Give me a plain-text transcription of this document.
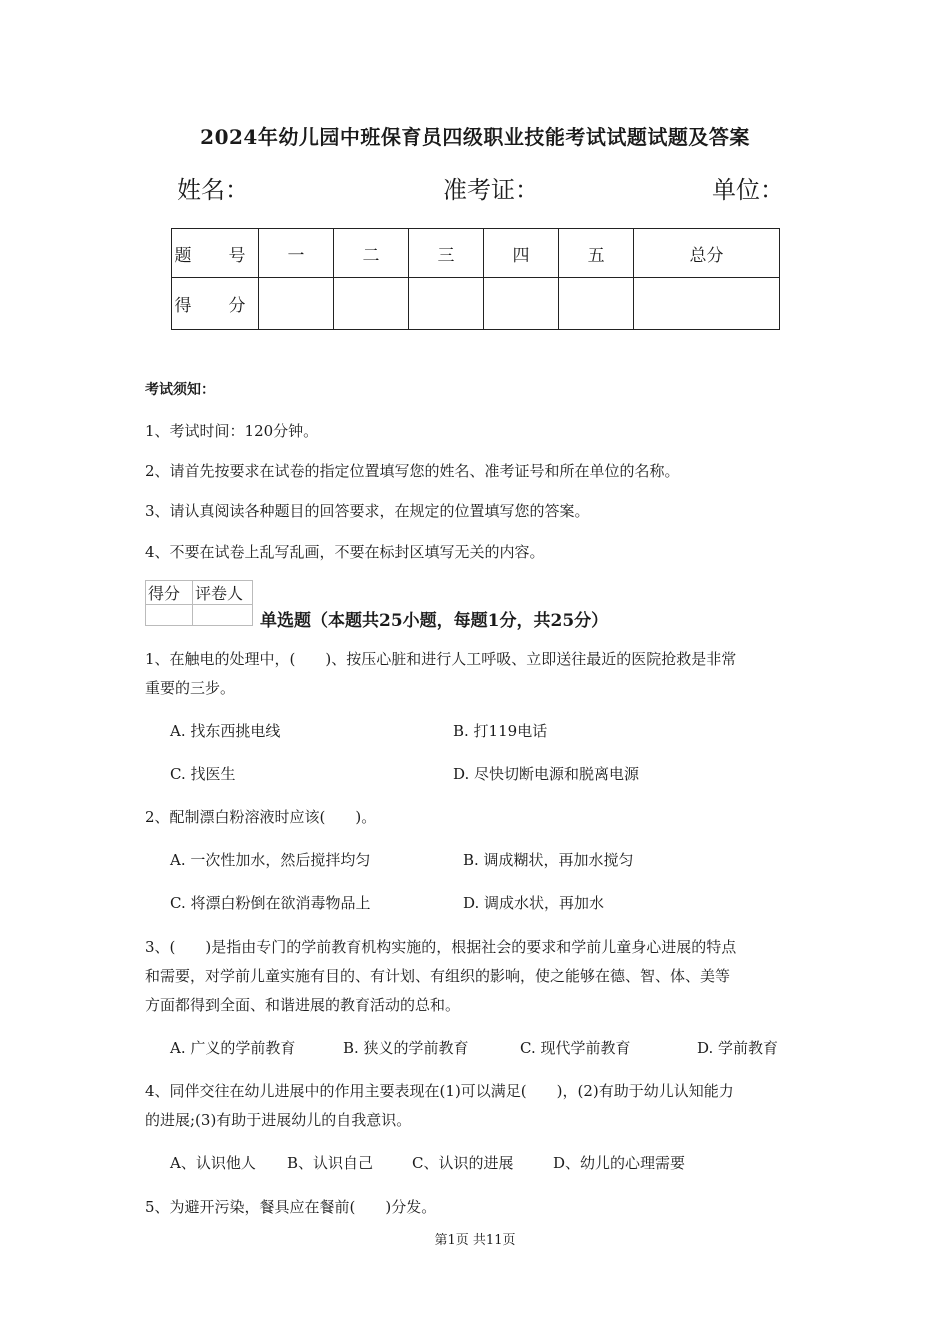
2024年幼儿园中班保育员四级职业技能考试试题试题及答案
姓名：	准考证：	单位：
题　号	一	二	三	四	五	总分
得　分						
考试须知：
1、考试时间：120分钟。
2、请首先按要求在试卷的指定位置填写您的姓名、准考证号和所在单位的名称。
3、请认真阅读各种题目的回答要求，在规定的位置填写您的答案。
4、不要在试卷上乱写乱画，不要在标封区填写无关的内容。
得分	评卷人

单选题（本题共25小题，每题1分，共25分）
1、在触电的处理中，(　　)、按压心脏和进行人工呼吸、立即送往最近的医院抢救是非常
重要的三步。
A. 找东西挑电线	B. 打119电话
C. 找医生	D. 尽快切断电源和脱离电源
2、配制漂白粉溶液时应该(　　)。
A. 一次性加水，然后搅拌均匀	B. 调成糊状，再加水搅匀
C. 将漂白粉倒在欲消毒物品上	D. 调成水状，再加水
3、(　　)是指由专门的学前教育机构实施的，根据社会的要求和学前儿童身心进展的特点
和需要，对学前儿童实施有目的、有计划、有组织的影响，使之能够在德、智、体、美等
方面都得到全面、和谐进展的教育活动的总和。
A. 广义的学前教育	B. 狭义的学前教育	C. 现代学前教育	D. 学前教育
4、同伴交往在幼儿进展中的作用主要表现在(1)可以满足(　　)，(2)有助于幼儿认知能力
的进展;(3)有助于进展幼儿的自我意识。
A、认识他人 B、认识自己	C、认识的进展	D、幼儿的心理需要
5、为避开污染，餐具应在餐前(　　)分发。
第1页 共11页
